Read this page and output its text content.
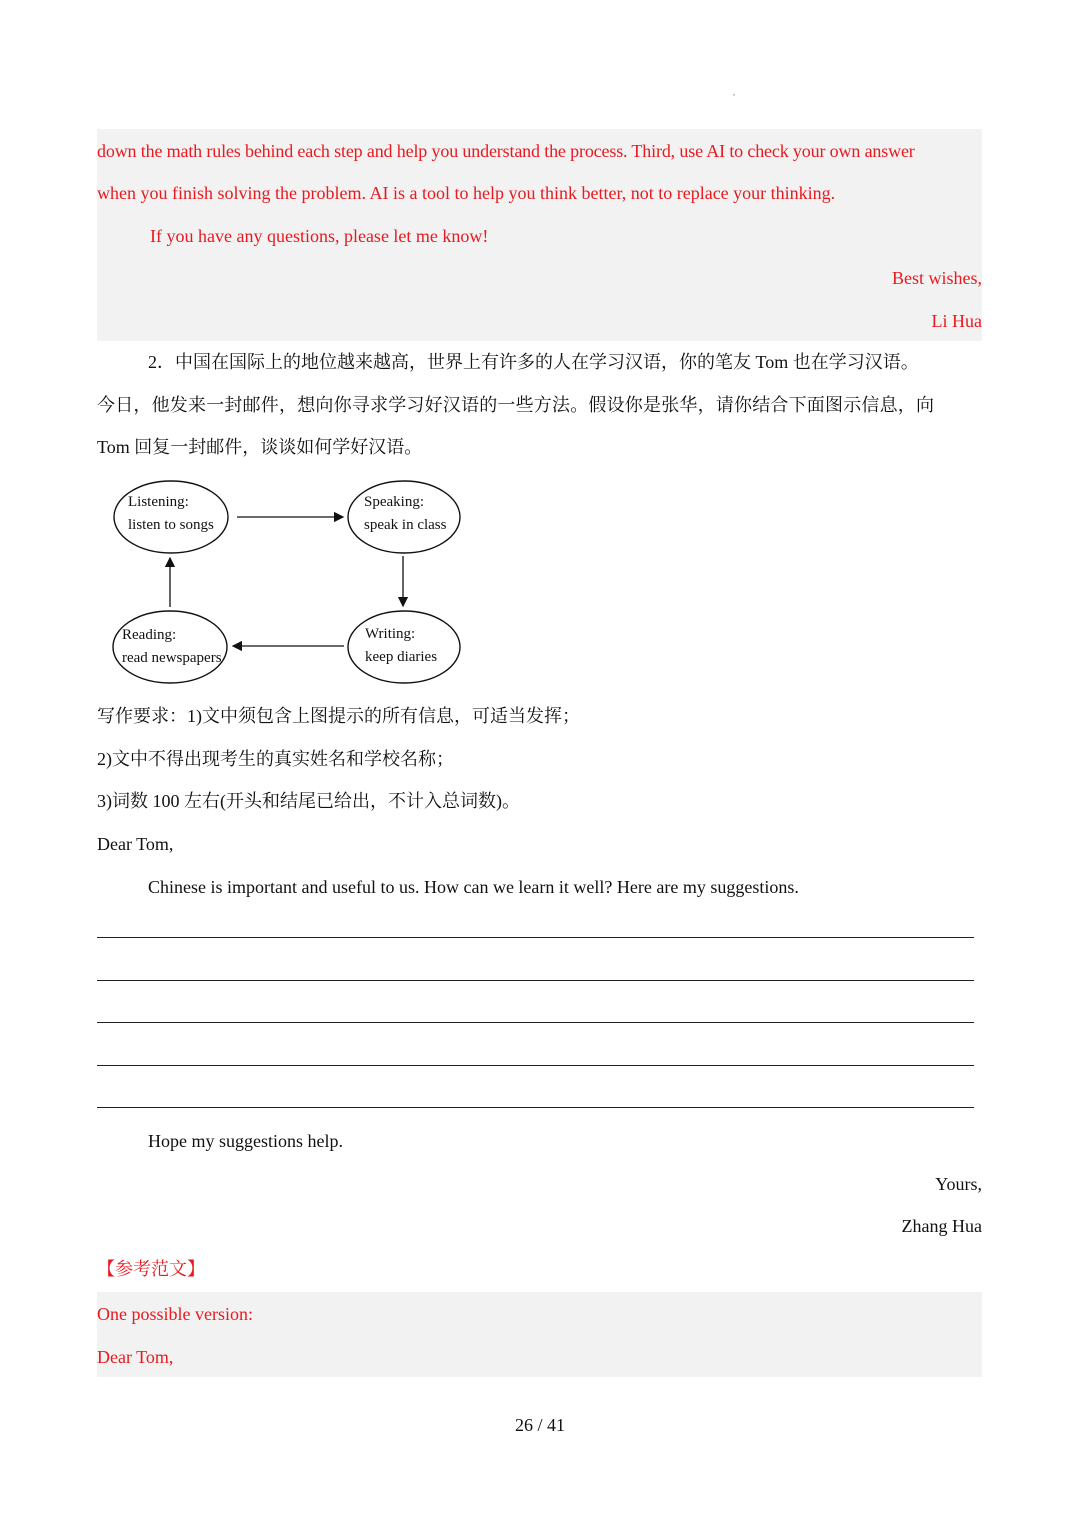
,
down the math rules behind each step and help you understand the process. Third, use AI to check your own answer
when you finish solving the problem. AI is a tool to help you think better, not to replace your thinking.
If you have any questions, please let me know!
Best wishes,
Li Hua
2．中国在国际上的地位越来越高，世界上有许多的人在学习汉语，你的笔友 Tom 也在学习汉语。
今日，他发来一封邮件，想向你寻求学习好汉语的一些方法。假设你是张华，请你结合下面图示信息，向
Tom 回复一封邮件，谈谈如何学好汉语。
Listening:
listen to songs
Speaking:
speak in class
Writing:
keep diaries
Reading:
read newspapers
写作要求：1)文中须包含上图提示的所有信息，可适当发挥；
2)文中不得出现考生的真实姓名和学校名称；
3)词数 100 左右(开头和结尾已给出，不计入总词数)。
Dear Tom,
Chinese is important and useful to us. How can we learn it well? Here are my suggestions.
Hope my suggestions help.
Yours,
Zhang Hua
【参考范文】
One possible version:
Dear Tom,
26 / 41
